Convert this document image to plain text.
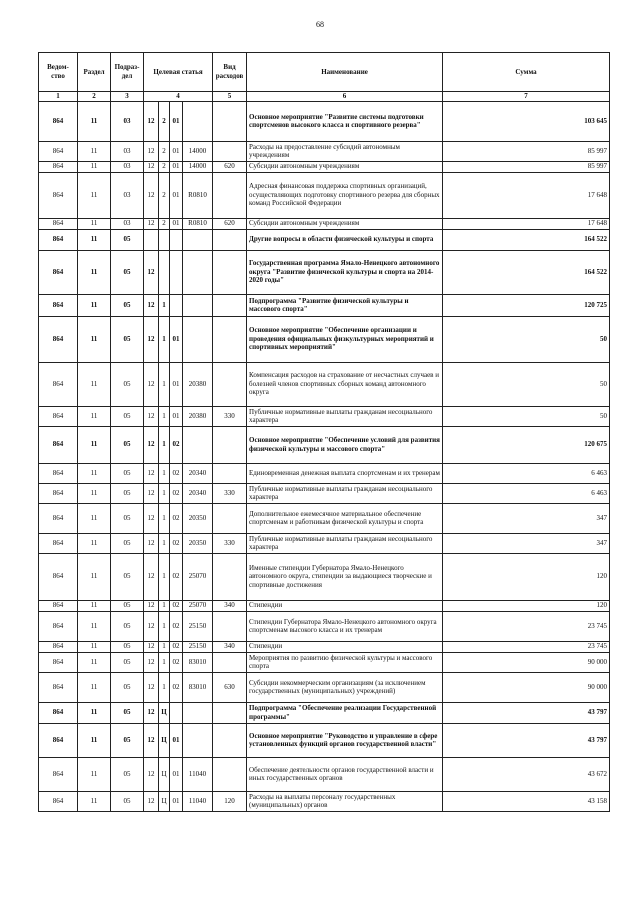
68
Ведом-ство	Раздел	Подраз-дел	Целевая статья				Вид расходов	Наименование	Сумма
1	2	3	4				5	6	7
864	11	03	12	2	01			Основное мероприятие "Развитие системы подготовки спортсменов высокого класса и спортивного резерва"	103 645
864	11	03	12	2	01	14000		Расходы на предоставление субсидий автономным учреждениям	85 997
864	11	03	12	2	01	14000	620	Субсидии автономным учреждениям	85 997
864	11	03	12	2	01	R0810		Адресная финансовая поддержка спортивных организаций, осуществляющих подготовку спортивного резерва для сборных команд Российской Федерации	17 648
864	11	03	12	2	01	R0810	620	Субсидии автономным учреждениям	17 648
864	11	05						Другие вопросы в области физической культуры и спорта	164 522
864	11	05	12					Государственная программа Ямало-Ненецкого автономного округа "Развитие физической культуры и спорта на 2014-2020 годы"	164 522
864	11	05	12	1				Подпрограмма "Развитие физической культуры и массового спорта"	120 725
864	11	05	12	1	01			Основное мероприятие "Обеспечение организации и проведения официальных физкультурных мероприятий и спортивных мероприятий"	50
864	11	05	12	1	01	20380		Компенсация расходов на страхование от несчастных случаев и болезней членов спортивных сборных команд автономного округа	50
864	11	05	12	1	01	20380	330	Публичные нормативные выплаты гражданам несоциального характера	50
864	11	05	12	1	02			Основное мероприятие "Обеспечение условий для развития физической культуры и массового спорта"	120 675
864	11	05	12	1	02	20340		Единовременная денежная выплата спортсменам и их тренерам	6 463
864	11	05	12	1	02	20340	330	Публичные нормативные выплаты гражданам несоциального характера	6 463
864	11	05	12	1	02	20350		Дополнительное ежемесячное материальное обеспечение спортсменам и работникам физической культуры и спорта	347
864	11	05	12	1	02	20350	330	Публичные нормативные выплаты гражданам несоциального характера	347
864	11	05	12	1	02	25070		Именные стипендии Губернатора Ямало-Ненецкого автономного округа, стипендии за выдающиеся творческие и спортивные достижения	120
864	11	05	12	1	02	25070	340	Стипендии	120
864	11	05	12	1	02	25150		Стипендии Губернатора Ямало-Ненецкого автономного округа спортсменам высокого класса и их тренерам	23 745
864	11	05	12	1	02	25150	340	Стипендии	23 745
864	11	05	12	1	02	83010		Мероприятия по развитию физической культуры и массового спорта	90 000
864	11	05	12	1	02	83010	630	Субсидии некоммерческим организациям (за исключением государственных (муниципальных) учреждений)	90 000
864	11	05	12	Ц				Подпрограмма "Обеспечение реализации Государственной программы"	43 797
864	11	05	12	Ц	01			Основное мероприятие "Руководство и управление в сфере установленных функций органов государственной власти"	43 797
864	11	05	12	Ц	01	11040		Обеспечение деятельности органов государственной власти и иных государственных органов	43 672
864	11	05	12	Ц	01	11040	120	Расходы на выплаты персоналу государственных (муниципальных) органов	43 158
